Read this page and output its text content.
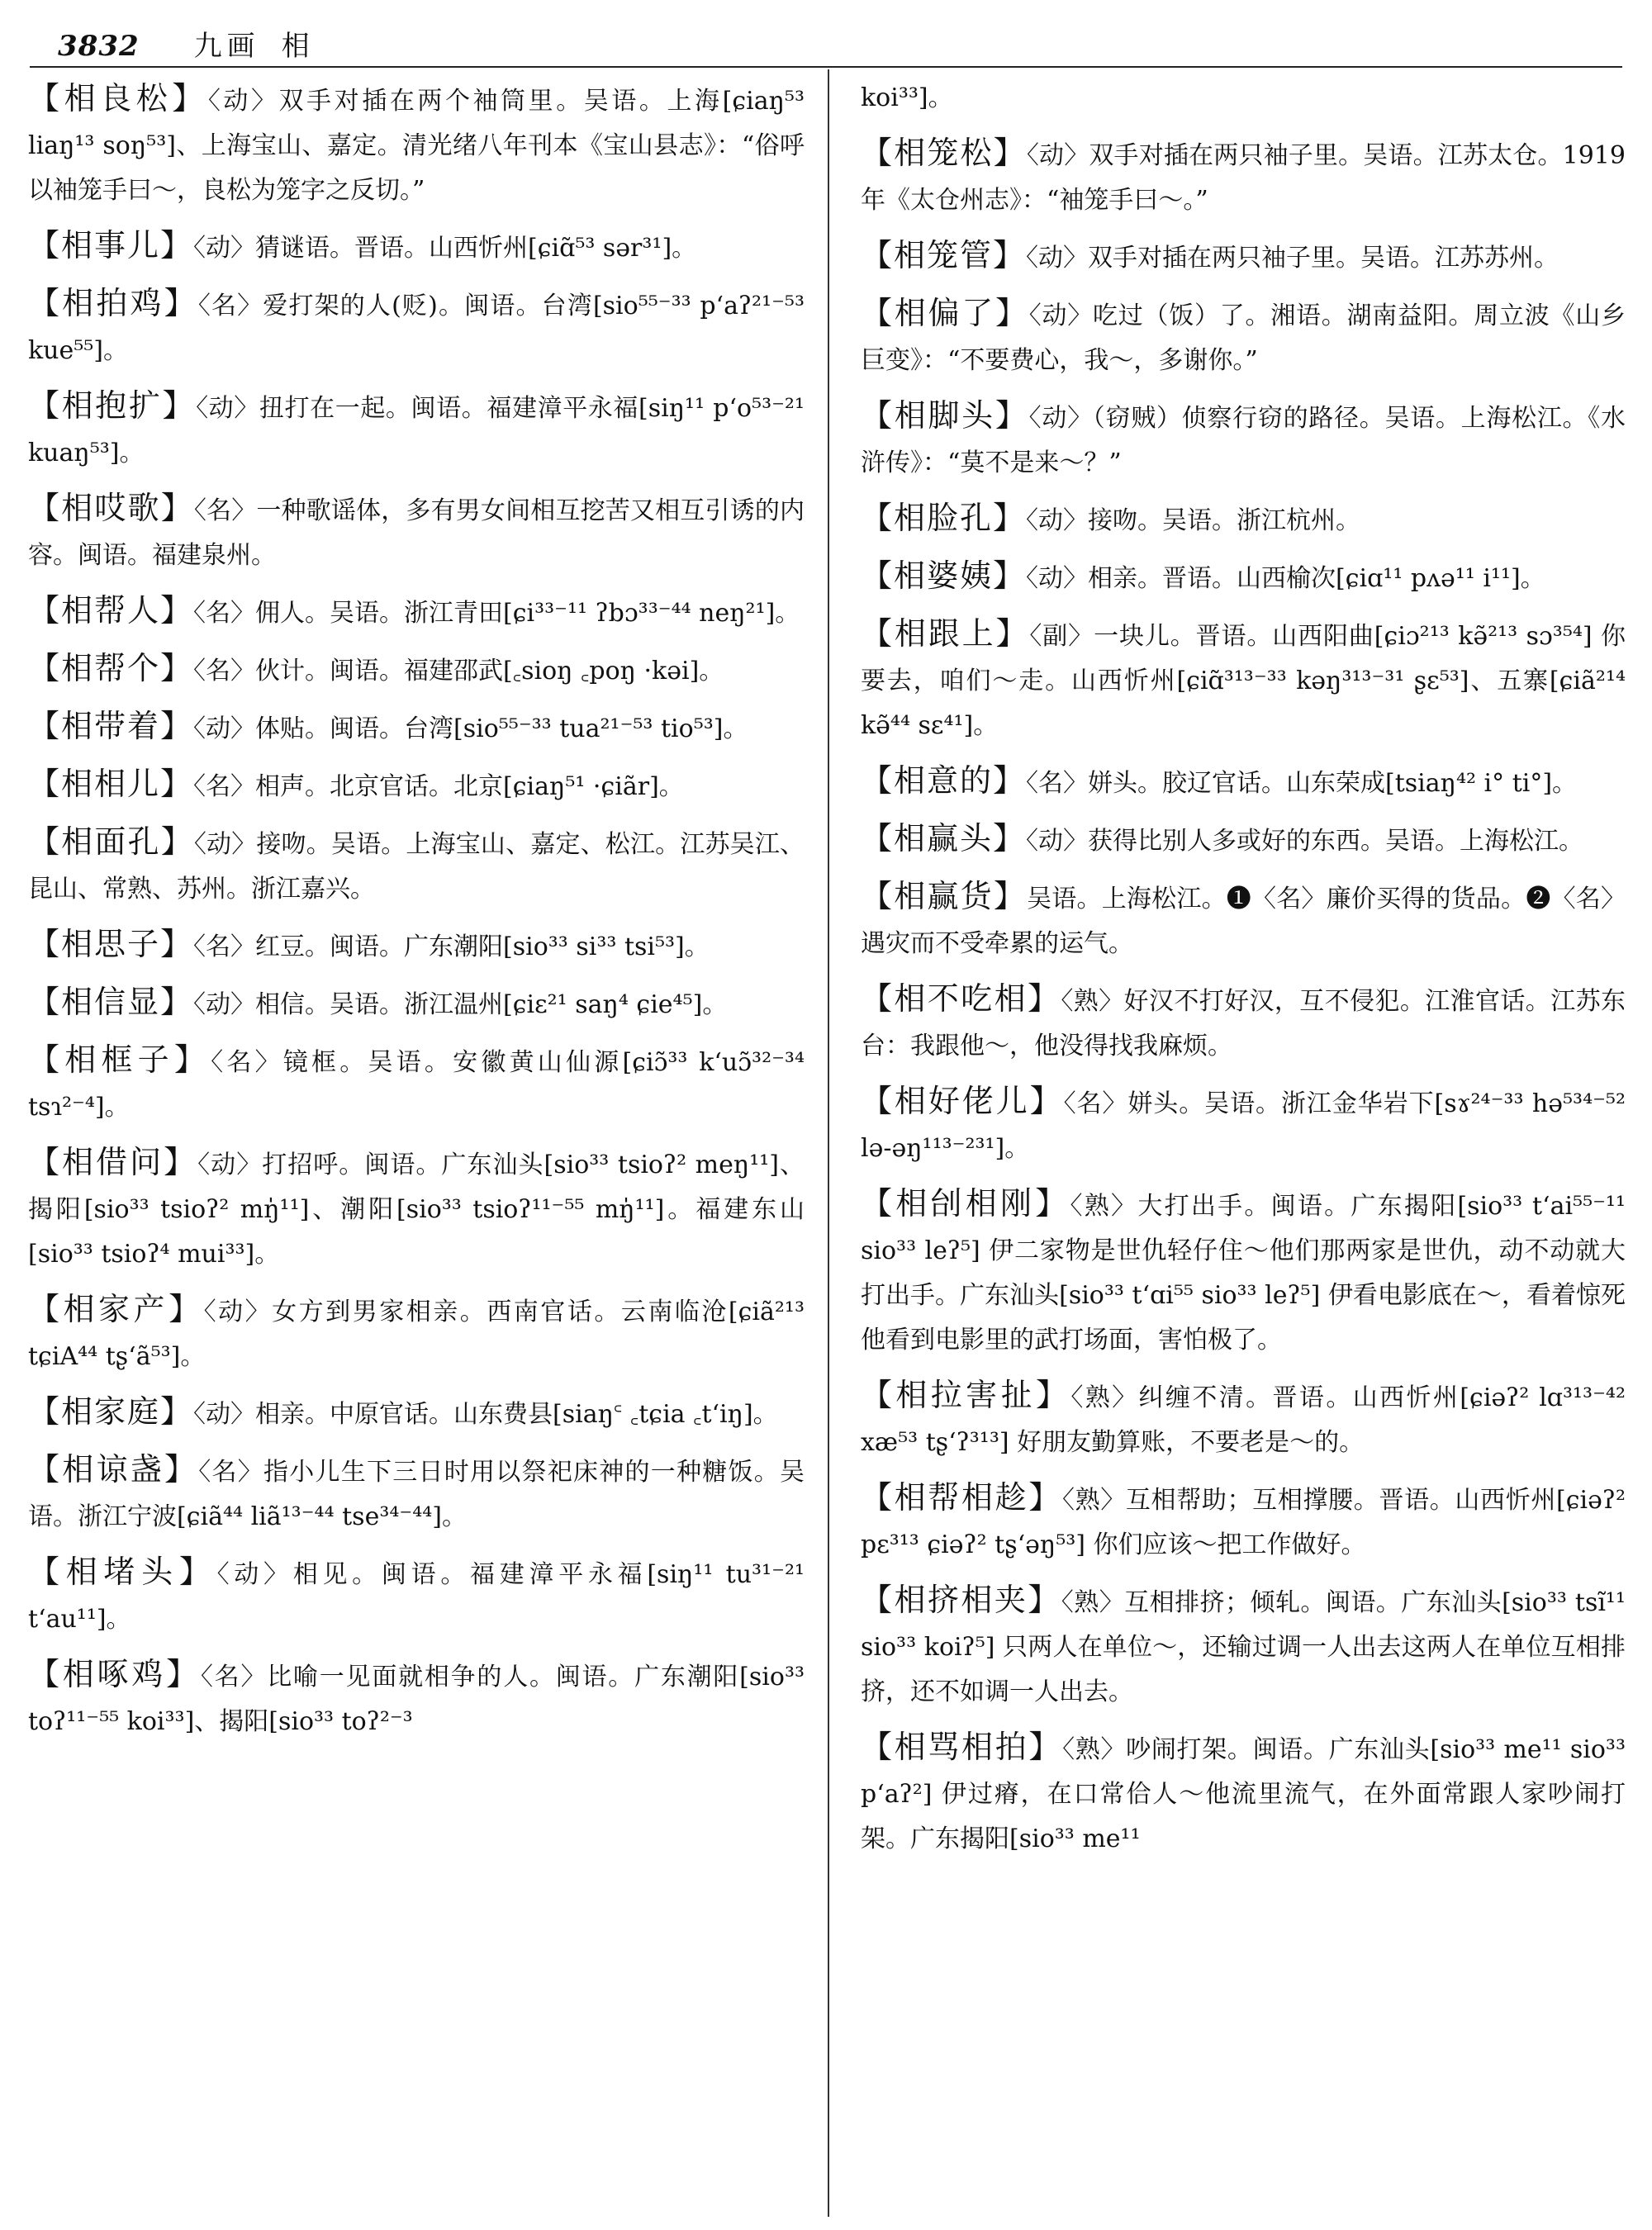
3832 九画 相
【相良松】〈动〉双手对插在两个袖筒里。吴语。上海[ɕiaŋ⁵³ liaŋ¹³ soŋ⁵³]、上海宝山、嘉定。清光绪八年刊本《宝山县志》：“俗呼以袖笼手曰～，良松为笼字之反切。”
【相事儿】〈动〉猜谜语。晋语。山西忻州[ɕiɑ̃⁵³ sər³¹]。
【相拍鸡】〈名〉爱打架的人(贬)。闽语。台湾[sio⁵⁵⁻³³ p‘aʔ²¹⁻⁵³ kue⁵⁵]。
【相抱扩】〈动〉扭打在一起。闽语。福建漳平永福[siŋ¹¹ p‘o⁵³⁻²¹ kuaŋ⁵³]。
【相哎歌】〈名〉一种歌谣体，多有男女间相互挖苦又相互引诱的内容。闽语。福建泉州。
【相帮人】〈名〉佣人。吴语。浙江青田[ɕi³³⁻¹¹ ʔbɔ³³⁻⁴⁴ neŋ²¹]。
【相帮个】〈名〉伙计。闽语。福建邵武[꜀sioŋ ꜀poŋ ·kəi]。
【相带着】〈动〉体贴。闽语。台湾[sio⁵⁵⁻³³ tua²¹⁻⁵³ tio⁵³]。
【相相儿】〈名〉相声。北京官话。北京[ɕiaŋ⁵¹ ·ɕiãr]。
【相面孔】〈动〉接吻。吴语。上海宝山、嘉定、松江。江苏吴江、昆山、常熟、苏州。浙江嘉兴。
【相思子】〈名〉红豆。闽语。广东潮阳[sio³³ si³³ tsi⁵³]。
【相信显】〈动〉相信。吴语。浙江温州[ɕiɛ²¹ saŋ⁴ ɕie⁴⁵]。
【相框子】〈名〉镜框。吴语。安徽黄山仙源[ɕiɔ̃³³ k‘uɔ̃³²⁻³⁴ tsɿ²⁻⁴]。
【相借问】〈动〉打招呼。闽语。广东汕头[sio³³ tsioʔ² meŋ¹¹]、揭阳[sio³³ tsioʔ² mŋ̍¹¹]、潮阳[sio³³ tsioʔ¹¹⁻⁵⁵ mŋ̍¹¹]。福建东山[sio³³ tsioʔ⁴ mui³³]。
【相家产】〈动〉女方到男家相亲。西南官话。云南临沧[ɕiã²¹³ tɕiA⁴⁴ tʂ‘ã⁵³]。
【相家庭】〈动〉相亲。中原官话。山东费县[siaŋ꜂ ꜀tɕia ꜀t‘iŋ]。
【相谅盏】〈名〉指小儿生下三日时用以祭祀床神的一种糖饭。吴语。浙江宁波[ɕiã⁴⁴ liã¹³⁻⁴⁴ tse³⁴⁻⁴⁴]。
【相堵头】〈动〉相见。闽语。福建漳平永福[siŋ¹¹ tu³¹⁻²¹ t‘au¹¹]。
【相啄鸡】〈名〉比喻一见面就相争的人。闽语。广东潮阳[sio³³ toʔ¹¹⁻⁵⁵ koi³³]、揭阳[sio³³ toʔ²⁻³
koi³³]。
【相笼松】〈动〉双手对插在两只袖子里。吴语。江苏太仓。1919年《太仓州志》：“袖笼手曰～。”
【相笼管】〈动〉双手对插在两只袖子里。吴语。江苏苏州。
【相偏了】〈动〉吃过（饭）了。湘语。湖南益阳。周立波《山乡巨变》：“不要费心，我～，多谢你。”
【相脚头】〈动〉（窃贼）侦察行窃的路径。吴语。上海松江。《水浒传》：“莫不是来～？”
【相脸孔】〈动〉接吻。吴语。浙江杭州。
【相婆姨】〈动〉相亲。晋语。山西榆次[ɕiɑ¹¹ pʌə¹¹ i¹¹]。
【相跟上】〈副〉一块儿。晋语。山西阳曲[ɕiɔ²¹³ kə̃²¹³ sɔ³⁵⁴] 你要去，咱们～走。山西忻州[ɕiɑ̃³¹³⁻³³ kəŋ³¹³⁻³¹ ʂɛ⁵³]、五寨[ɕiã²¹⁴ kə̃⁴⁴ sɛ⁴¹]。
【相意的】〈名〉姘头。胶辽官话。山东荣成[tsiaŋ⁴² i° ti°]。
【相赢头】〈动〉获得比别人多或好的东西。吴语。上海松江。
【相赢货】吴语。上海松江。❶〈名〉廉价买得的货品。❷〈名〉遇灾而不受牵累的运气。
【相不吃相】〈熟〉好汉不打好汉，互不侵犯。江淮官话。江苏东台：我跟他～，他没得找我麻烦。
【相好佬儿】〈名〉姘头。吴语。浙江金华岩下[sɤ²⁴⁻³³ hə⁵³⁴⁻⁵² lə-əŋ¹¹³⁻²³¹]。
【相刣相刚】〈熟〉大打出手。闽语。广东揭阳[sio³³ t‘ai⁵⁵⁻¹¹ sio³³ leʔ⁵] 伊二家物是世仇轻仔住～他们那两家是世仇，动不动就大打出手。广东汕头[sio³³ t‘ɑi⁵⁵ sio³³ leʔ⁵] 伊看电影底在～，看着惊死他看到电影里的武打场面，害怕极了。
【相拉害扯】〈熟〉纠缠不清。晋语。山西忻州[ɕiəʔ² lɑ³¹³⁻⁴² xæ⁵³ tʂ‘ʔ³¹³] 好朋友勤算账，不要老是～的。
【相帮相趁】〈熟〉互相帮助；互相撑腰。晋语。山西忻州[ɕiəʔ² pɛ³¹³ ɕiəʔ² tʂ‘əŋ⁵³] 你们应该～把工作做好。
【相挤相夹】〈熟〉互相排挤；倾轧。闽语。广东汕头[sio³³ tsĩ¹¹ sio³³ koiʔ⁵] 只两人在单位～，还输过调一人出去这两人在单位互相排挤，还不如调一人出去。
【相骂相拍】〈熟〉吵闹打架。闽语。广东汕头[sio³³ me¹¹ sio³³ p‘aʔ²] 伊过瘠，在口常佮人～他流里流气，在外面常跟人家吵闹打架。广东揭阳[sio³³ me¹¹
